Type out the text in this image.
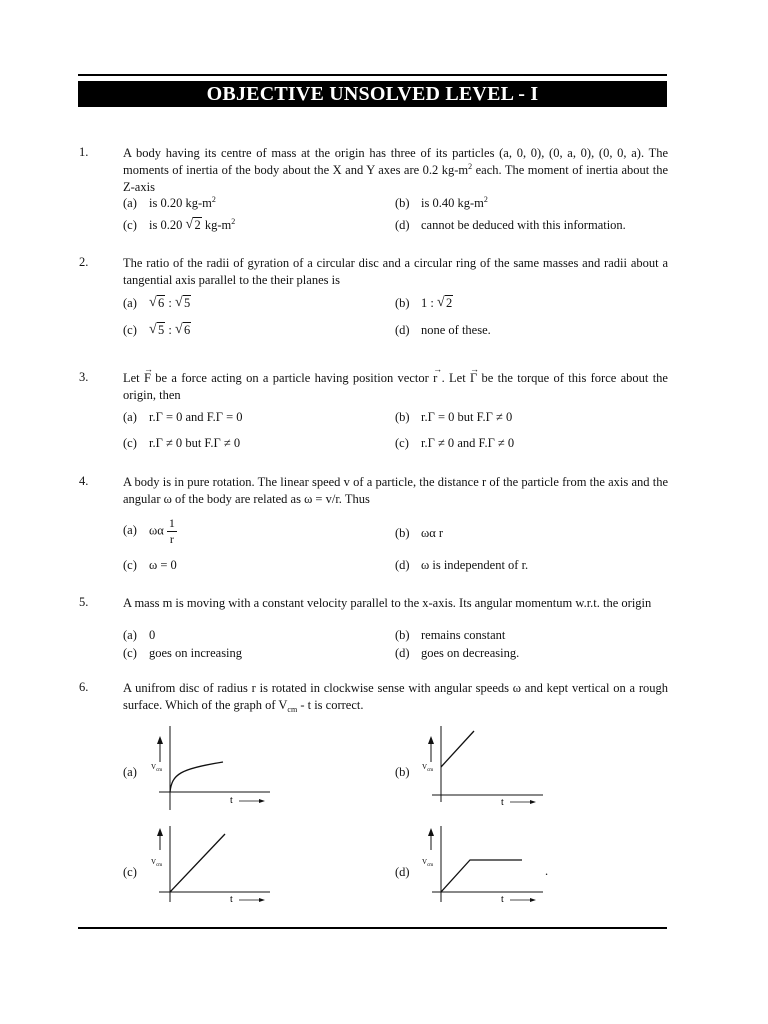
OBJECTIVE UNSOLVED LEVEL - I
1.	A body having its centre of mass at the origin has three of its particles (a, 0, 0), (0, a, 0), (0, 0, a). The moments of inertia of the body about the X and Y axes are 0.2 $kg-m^2$ each. The moment of inertia about the Z-axis
(a) is 0.20 $kg-m^2$	(b) is 0.40 $kg-m^2$
(c) is 0.20 √ 2 $kg-m^2$	(d) cannot be deduced with this information.
2.	The ratio of the radii of gyration of a circular disc and a circular ring of the same masses and radii about a tangential axis parallel to the their planes is
(a) √ 6 : √ 5	(b) 1 : √ 2
(c) √ 5 : √ 6	(d) none of these.
3.	Let → F be a force acting on a particle having position vector → r . Let → Γ be the torque of this force about the origin, then
(a) r.Γ = 0 and F.Γ = 0	(b) r.Γ = 0 but F.Γ ≠ 0
(c) r.Γ ≠ 0 but F.Γ ≠ 0	(c) r.Γ ≠ 0 and F.Γ ≠ 0
4.	A body is in pure rotation. The linear speed v of a particle, the distance r of the particle from the axis and the angular ω of the body are related as ω = v/r. Thus
(a) ωα $\frac{1}{r}$	(b) ωα r
(c) ω = 0	(d) ω is independent of r.
5.	A mass m is moving with a constant velocity parallel to the x-axis. Its angular momentum w.r.t. the origin
(a) 0	(b) remains constant
(c) goes on increasing	(d) goes on decreasing.
6.	A unifrom disc of radius r is rotated in clockwise sense with angular speeds ω and kept vertical on a rough surface. Which of the graph of $V_{cm}$ - t is correct.
(a) $V_{cm}$
t
(b) $V_{cm}$
t
(c)
$V_{cm}$
t
(d)
$V_{cm}$
t
.
